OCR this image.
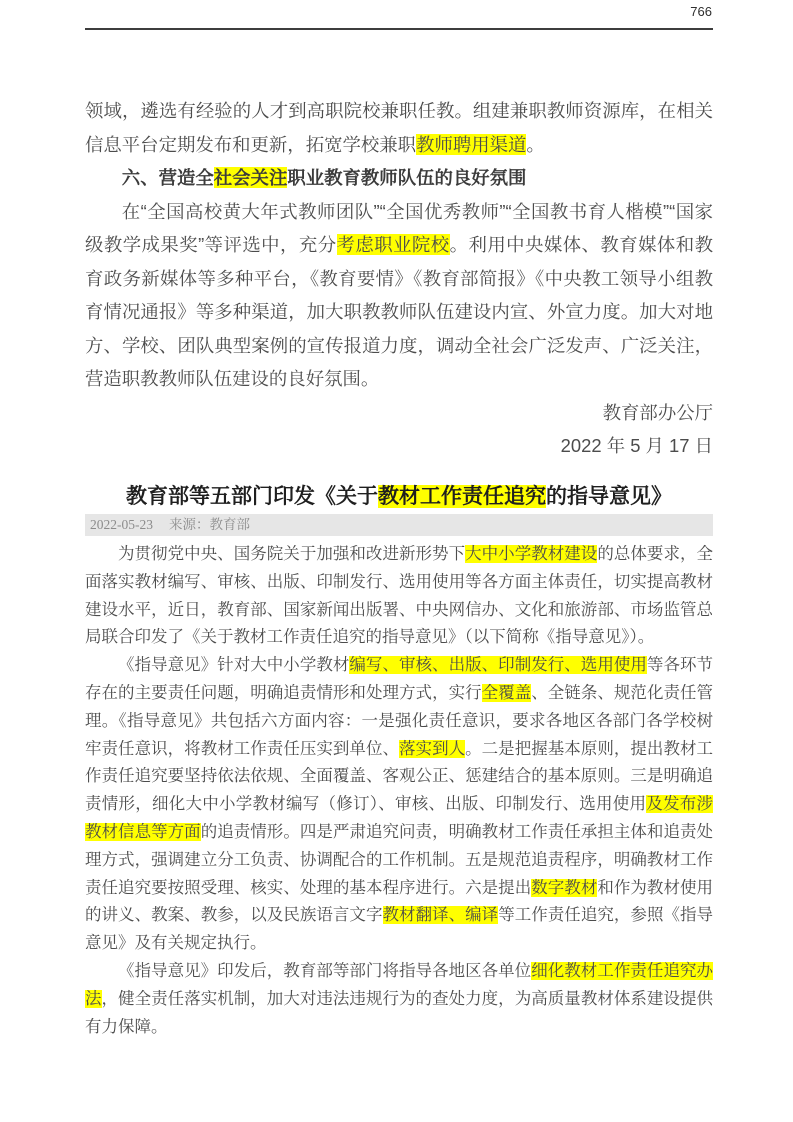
766

领域，遴选有经验的人才到高职院校兼职任教。组建兼职教师资源库，在相关信息平台定期发布和更新，拓宽学校兼职教师聘用渠道。

六、营造全社会关注职业教育教师队伍的良好氛围

在“全国高校黄大年式教师团队”“全国优秀教师”“全国教书育人楷模”“国家级教学成果奖”等评选中，充分考虑职业院校。利用中央媒体、教育媒体和教育政务新媒体等多种平台，《教育要情》《教育部简报》《中央教工领导小组教育情况通报》等多种渠道，加大职教教师队伍建设内宣、外宣力度。加大对地方、学校、团队典型案例的宣传报道力度，调动全社会广泛发声、广泛关注，营造职教教师队伍建设的良好氛围。

教育部办公厅

2022 年 5 月 17 日

教育部等五部门印发《关于教材工作责任追究的指导意见》
2022-05-23 来源：教育部

为贯彻党中央、国务院关于加强和改进新形势下大中小学教材建设的总体要求，全面落实教材编写、审核、出版、印制发行、选用使用等各方面主体责任，切实提高教材建设水平，近日，教育部、国家新闻出版署、中央网信办、文化和旅游部、市场监管总局联合印发了《关于教材工作责任追究的指导意见》（以下简称《指导意见》）。

《指导意见》针对大中小学教材编写、审核、出版、印制发行、选用使用等各环节存在的主要责任问题，明确追责情形和处理方式，实行全覆盖、全链条、规范化责任管理。《指导意见》共包括六方面内容：一是强化责任意识，要求各地区各部门各学校树牢责任意识，将教材工作责任压实到单位、落实到人。二是把握基本原则，提出教材工作责任追究要坚持依法依规、全面覆盖、客观公正、惩建结合的基本原则。三是明确追责情形，细化大中小学教材编写（修订）、审核、出版、印制发行、选用使用及发布涉教材信息等方面的追责情形。四是严肃追究问责，明确教材工作责任承担主体和追责处理方式，强调建立分工负责、协调配合的工作机制。五是规范追责程序，明确教材工作责任追究要按照受理、核实、处理的基本程序进行。六是提出数字教材和作为教材使用的讲义、教案、教参，以及民族语言文字教材翻译、编译等工作责任追究，参照《指导意见》及有关规定执行。

《指导意见》印发后，教育部等部门将指导各地区各单位细化教材工作责任追究办法，健全责任落实机制，加大对违法违规行为的查处力度，为高质量教材体系建设提供有力保障。
